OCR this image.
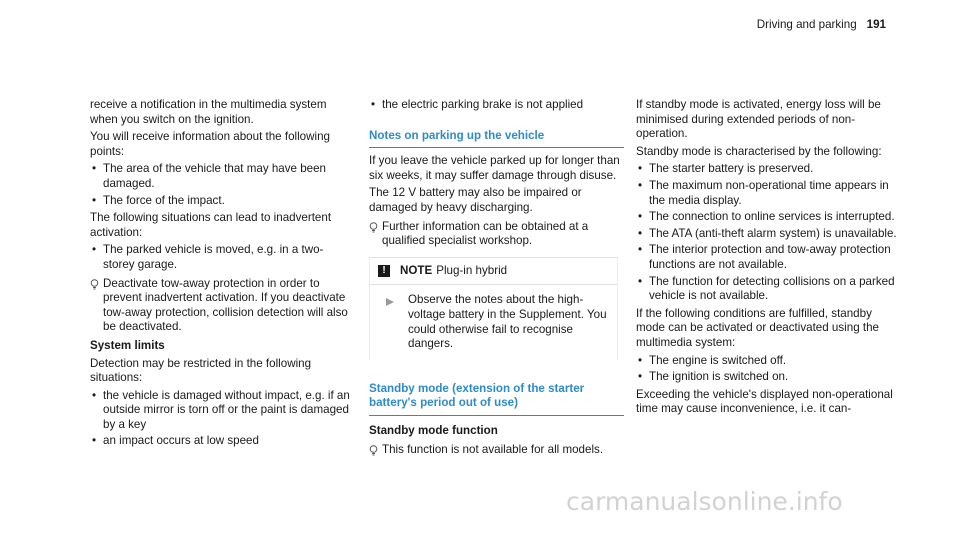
Driving and parking 191

receive a notification in the multimedia system when you switch on the ignition.

You will receive information about the following points:

• The area of the vehicle that may have been damaged.
• The force of the impact.

The following situations can lead to inadvertent activation:

• The parked vehicle is moved, e.g. in a two-storey garage.
Deactivate tow-away protection in order to prevent inadvertent activation. If you deactivate tow-away protection, collision detection will also be deactivated.

System limits

Detection may be restricted in the following situations:

• the vehicle is damaged without impact, e.g. if an outside mirror is torn off or the paint is damaged by a key
• an impact occurs at low speed
• the electric parking brake is not applied
Notes on parking up the vehicle

If you leave the vehicle parked up for longer than six weeks, it may suffer damage through disuse.

The 12 V battery may also be impaired or damaged by heavy discharging.

Further information can be obtained at a qualified specialist workshop.
!	NOTE Plug-in hybrid
Observe the notes about the high-voltage battery in the Supplement. You could otherwise fail to recognise dangers.
Standby mode (extension of the starter battery's period out of use)

Standby mode function

This function is not available for all models.

If standby mode is activated, energy loss will be minimised during extended periods of non-operation.

Standby mode is characterised by the following:

• The starter battery is preserved.
• The maximum non-operational time appears in the media display.
• The connection to online services is interrupted.
• The ATA (anti-theft alarm system) is unavailable.
• The interior protection and tow-away protection functions are not available.
• The function for detecting collisions on a parked vehicle is not available.

If the following conditions are fulfilled, standby mode can be activated or deactivated using the multimedia system:

• The engine is switched off.
• The ignition is switched on.

Exceeding the vehicle's displayed non-operational time may cause inconvenience, i.e. it can-

carmanualsonline.info
